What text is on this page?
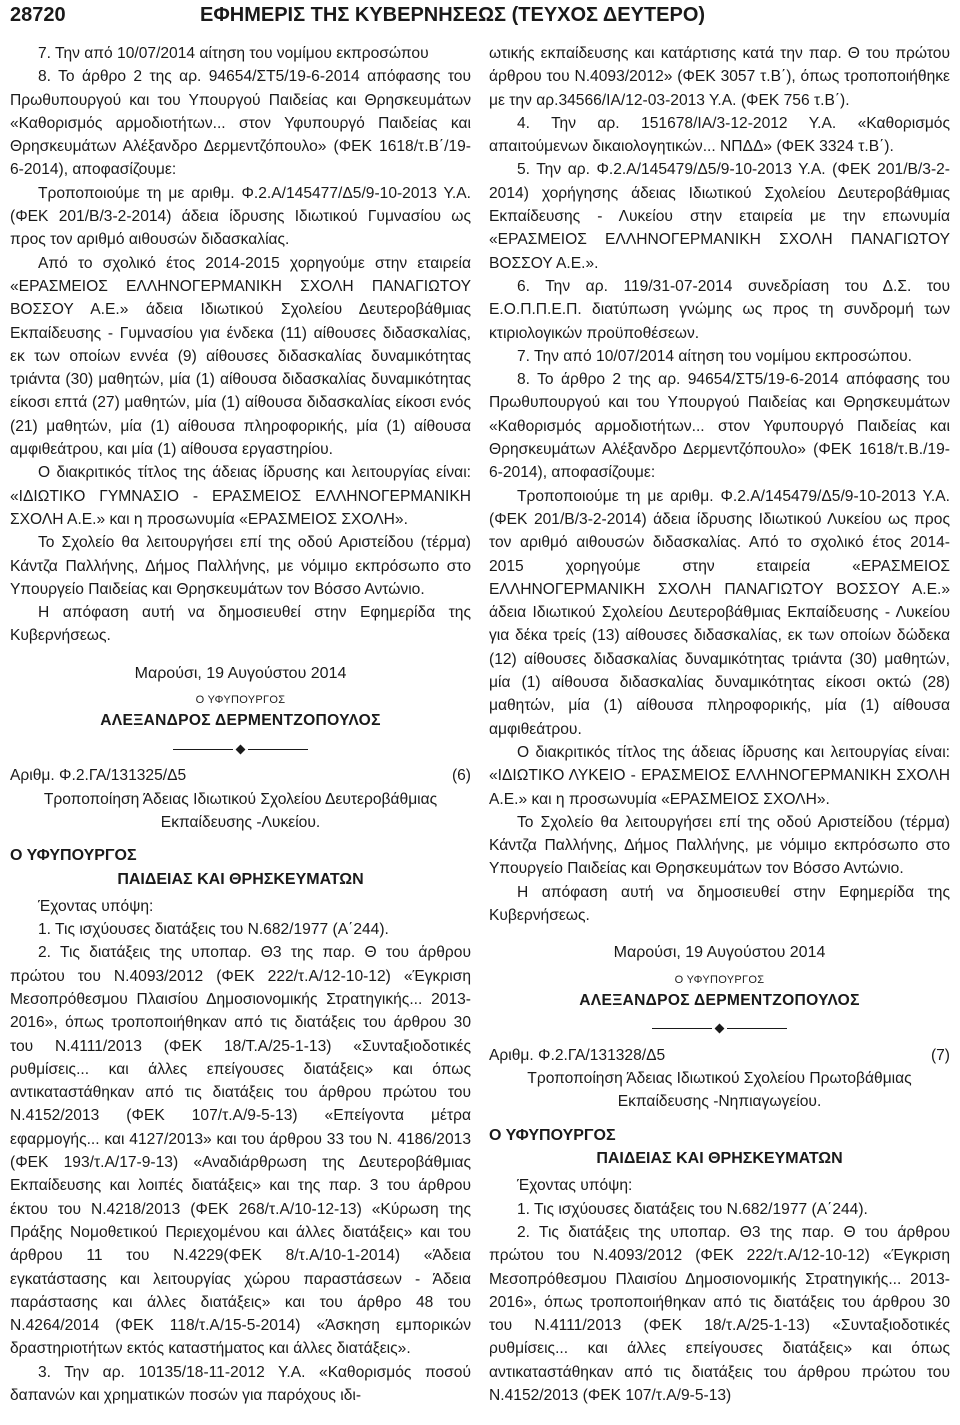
28720	ΕΦΗΜΕΡΙΣ ΤΗΣ ΚΥΒΕΡΝΗΣΕΩΣ (ΤΕΥΧΟΣ ΔΕΥΤΕΡΟ)

7. Την από 10/07/2014 αίτηση του νομίμου εκπροσώπου

8. Το άρθρο 2 της αρ. 94654/ΣΤ5/19-6-2014 απόφασης του Πρωθυπουργού και του Υπουργού Παιδείας και Θρησκευμάτων «Καθορισμός αρμοδιοτήτων... στον Υφυπουργό Παιδείας και Θρησκευμάτων Αλέξανδρο Δερμεντζόπουλο» (ΦΕΚ 1618/τ.Β΄/19-6-2014), αποφασίζουμε:

Τροποποιούμε τη με αριθμ. Φ.2.Α/145477/Δ5/9-10-2013 Υ.Α. (ΦΕΚ 201/Β/3-2-2014) άδεια ίδρυσης Ιδιωτικού Γυμνασίου ως προς τον αριθμό αιθουσών διδασκαλίας.

Από το σχολικό έτος 2014-2015 χορηγούμε στην εταιρεία «ΕΡΑΣΜΕΙΟΣ ΕΛΛΗΝΟΓΕΡΜΑΝΙΚΗ ΣΧΟΛΗ ΠΑΝΑΓΙΩΤΟΥ ΒΟΣΣΟΥ Α.Ε.» άδεια Ιδιωτικού Σχολείου Δευτεροβάθμιας Εκπαίδευσης - Γυμνασίου για ένδεκα (11) αίθουσες διδασκαλίας, εκ των οποίων εννέα (9) αίθουσες διδασκαλίας δυναμικότητας τριάντα (30) μαθητών, μία (1) αίθουσα διδασκαλίας δυναμικότητας είκοσι επτά (27) μαθητών, μία (1) αίθουσα διδασκαλίας είκοσι ενός (21) μαθητών, μία (1) αίθουσα πληροφορικής, μία (1) αίθουσα αμφιθεάτρου, και μία (1) αίθουσα εργαστηρίου.

Ο διακριτικός τίτλος της άδειας ίδρυσης και λειτουργίας είναι: «ΙΔΙΩΤΙΚΟ ΓΥΜΝΑΣΙΟ - ΕΡΑΣΜΕΙΟΣ ΕΛΛΗΝΟΓΕΡΜΑΝΙΚΗ ΣΧΟΛΗ Α.Ε.» και η προσωνυμία «ΕΡΑΣΜΕΙΟΣ ΣΧΟΛΗ».

Το Σχολείο θα λειτουργήσει επί της οδού Αριστείδου (τέρμα) Κάντζα Παλλήνης, Δήμος Παλλήνης, με νόμιμο εκπρόσωπο στο Υπουργείο Παιδείας και Θρησκευμάτων τον Βόσσο Αντώνιο.

Η απόφαση αυτή να δημοσιευθεί στην Εφημερίδα της Κυβερνήσεως.

Μαρούσι, 19 Αυγούστου 2014

Ο ΥΦΥΠΟΥΡΓΟΣ

ΑΛΕΞΑΝΔΡΟΣ ΔΕΡΜΕΝΤΖΟΠΟΥΛΟΣ

Αριθμ. Φ.2.ΓΑ/131325/Δ5	(6)

Τροποποίηση Άδειας Ιδιωτικού Σχολείου Δευτεροβάθμιας Εκπαίδευσης -Λυκείου.

Ο ΥΦΥΠΟΥΡΓΟΣ

ΠΑΙΔΕΙΑΣ ΚΑΙ ΘΡΗΣΚΕΥΜΑΤΩΝ

Έχοντας υπόψη:

1. Τις ισχύουσες διατάξεις του Ν.682/1977 (Α΄244).

2. Τις διατάξεις της υποπαρ. Θ3 της παρ. Θ του άρθρου πρώτου του Ν.4093/2012 (ΦΕΚ 222/τ.Α/12-10-12) «Έγκριση Μεσοπρόθεσμου Πλαισίου Δημοσιονομικής Στρατηγικής... 2013-2016», όπως τροποποιήθηκαν από τις διατάξεις του άρθρου 30 του Ν.4111/2013 (ΦΕΚ 18/Τ.Α/25-1-13) «Συνταξιοδοτικές ρυθμίσεις... και άλλες επείγουσες διατάξεις» και όπως αντικαταστάθηκαν από τις διατάξεις του άρθρου πρώτου του Ν.4152/2013 (ΦΕΚ 107/τ.Α/9-5-13) «Επείγοντα μέτρα εφαρμογής... και 4127/2013» και του άρθρου 33 του Ν. 4186/2013 (ΦΕΚ 193/τ.Α/17-9-13) «Αναδιάρθρωση της Δευτεροβάθμιας Εκπαίδευσης και λοιπές διατάξεις» και της παρ. 3 του άρθρου έκτου του Ν.4218/2013 (ΦΕΚ 268/τ.Α/10-12-13) «Κύρωση της Πράξης Νομοθετικού Περιεχομένου και άλλες διατάξεις» και του άρθρου 11 του Ν.4229(ΦΕΚ 8/τ.Α/10-1-2014) «Άδεια εγκατάστασης και λειτουργίας χώρου παραστάσεων - Άδεια παράστασης και άλλες διατάξεις» και του άρθρο 48 του Ν.4264/2014 (ΦΕΚ 118/τ.Α/15-5-2014) «Άσκηση εμπορικών δραστηριοτήτων εκτός καταστήματος και άλλες διατάξεις».

3. Την αρ. 10135/18-11-2012 Υ.Α. «Καθορισμός ποσού δαπανών και χρηματικών ποσών για παρόχους ιδι-

ωτικής εκπαίδευσης και κατάρτισης κατά την παρ. Θ του πρώτου άρθρου του Ν.4093/2012» (ΦΕΚ 3057 τ.Β΄), όπως τροποποιήθηκε με την αρ.34566/ΙΑ/12-03-2013 Υ.Α. (ΦΕΚ 756 τ.Β΄).

4. Την αρ. 151678/ΙΑ/3-12-2012 Υ.Α. «Καθορισμός απαιτούμενων δικαιολογητικών... ΝΠΔΔ» (ΦΕΚ 3324 τ.Β΄).

5. Την αρ. Φ.2.Α/145479/Δ5/9-10-2013 Υ.Α. (ΦΕΚ 201/Β/3-2-2014) χορήγησης άδειας Ιδιωτικού Σχολείου Δευτεροβάθμιας Εκπαίδευσης - Λυκείου στην εταιρεία με την επωνυμία «ΕΡΑΣΜΕΙΟΣ ΕΛΛΗΝΟΓΕΡΜΑΝΙΚΗ ΣΧΟΛΗ ΠΑΝΑΓΙΩΤΟΥ ΒΟΣΣΟΥ Α.Ε.».

6. Την αρ. 119/31-07-2014 συνεδρίαση του Δ.Σ. του Ε.Ο.Π.Π.Ε.Π. διατύπωση γνώμης ως προς τη συνδρομή των κτιριολογικών προϋποθέσεων.

7. Την από 10/07/2014 αίτηση του νομίμου εκπροσώπου.

8. Το άρθρο 2 της αρ. 94654/ΣΤ5/19-6-2014 απόφασης του Πρωθυπουργού και του Υπουργού Παιδείας και Θρησκευμάτων «Καθορισμός αρμοδιοτήτων... στον Υφυπουργό Παιδείας και Θρησκευμάτων Αλέξανδρο Δερμεντζόπουλο» (ΦΕΚ 1618/τ.Β./19-6-2014), αποφασίζουμε:

Τροποποιούμε τη με αριθμ. Φ.2.Α/145479/Δ5/9-10-2013 Υ.Α. (ΦΕΚ 201/Β/3-2-2014) άδεια ίδρυσης Ιδιωτικού Λυκείου ως προς τον αριθμό αιθουσών διδασκαλίας. Από το σχολικό έτος 2014-2015 χορηγούμε στην εταιρεία «ΕΡΑΣΜΕΙΟΣ ΕΛΛΗΝΟΓΕΡΜΑΝΙΚΗ ΣΧΟΛΗ ΠΑΝΑΓΙΩΤΟΥ ΒΟΣΣΟΥ Α.Ε.» άδεια Ιδιωτικού Σχολείου Δευτεροβάθμιας Εκπαίδευσης - Λυκείου για δέκα τρείς (13) αίθουσες διδασκαλίας, εκ των οποίων δώδεκα (12) αίθουσες διδασκαλίας δυναμικότητας τριάντα (30) μαθητών, μία (1) αίθουσα διδασκαλίας δυναμικότητας είκοσι οκτώ (28) μαθητών, μία (1) αίθουσα πληροφορικής, μία (1) αίθουσα αμφιθεάτρου.

Ο διακριτικός τίτλος της άδειας ίδρυσης και λειτουργίας είναι: «ΙΔΙΩΤΙΚΟ ΛΥΚΕΙΟ - ΕΡΑΣΜΕΙΟΣ ΕΛΛΗΝΟΓΕΡΜΑΝΙΚΗ ΣΧΟΛΗ Α.Ε.» και η προσωνυμία «ΕΡΑΣΜΕΙΟΣ ΣΧΟΛΗ».

Το Σχολείο θα λειτουργήσει επί της οδού Αριστείδου (τέρμα) Κάντζα Παλλήνης, Δήμος Παλλήνης, με νόμιμο εκπρόσωπο στο Υπουργείο Παιδείας και Θρησκευμάτων τον Βόσσο Αντώνιο.

Η απόφαση αυτή να δημοσιευθεί στην Εφημερίδα της Κυβερνήσεως.

Μαρούσι, 19 Αυγούστου 2014

Ο ΥΦΥΠΟΥΡΓΟΣ

ΑΛΕΞΑΝΔΡΟΣ ΔΕΡΜΕΝΤΖΟΠΟΥΛΟΣ

Αριθμ. Φ.2.ΓΑ/131328/Δ5	(7)

Τροποποίηση Άδειας Ιδιωτικού Σχολείου Πρωτοβάθμιας Εκπαίδευσης -Νηπιαγωγείου.

Ο ΥΦΥΠΟΥΡΓΟΣ

ΠΑΙΔΕΙΑΣ ΚΑΙ ΘΡΗΣΚΕΥΜΑΤΩΝ

Έχοντας υπόψη:

1. Τις ισχύουσες διατάξεις του Ν.682/1977 (Α΄244).

2. Τις διατάξεις της υποπαρ. Θ3 της παρ. Θ του άρθρου πρώτου του Ν.4093/2012 (ΦΕΚ 222/τ.Α/12-10-12) «Έγκριση Μεσοπρόθεσμου Πλαισίου Δημοσιονομικής Στρατηγικής... 2013-2016», όπως τροποποιήθηκαν από τις διατάξεις του άρθρου 30 του Ν.4111/2013 (ΦΕΚ 18/τ.Α/25-1-13) «Συνταξιοδοτικές ρυθμίσεις... και άλλες επείγουσες διατάξεις» και όπως αντικαταστάθηκαν από τις διατάξεις του άρθρου πρώτου του Ν.4152/2013 (ΦΕΚ 107/τ.Α/9-5-13)
